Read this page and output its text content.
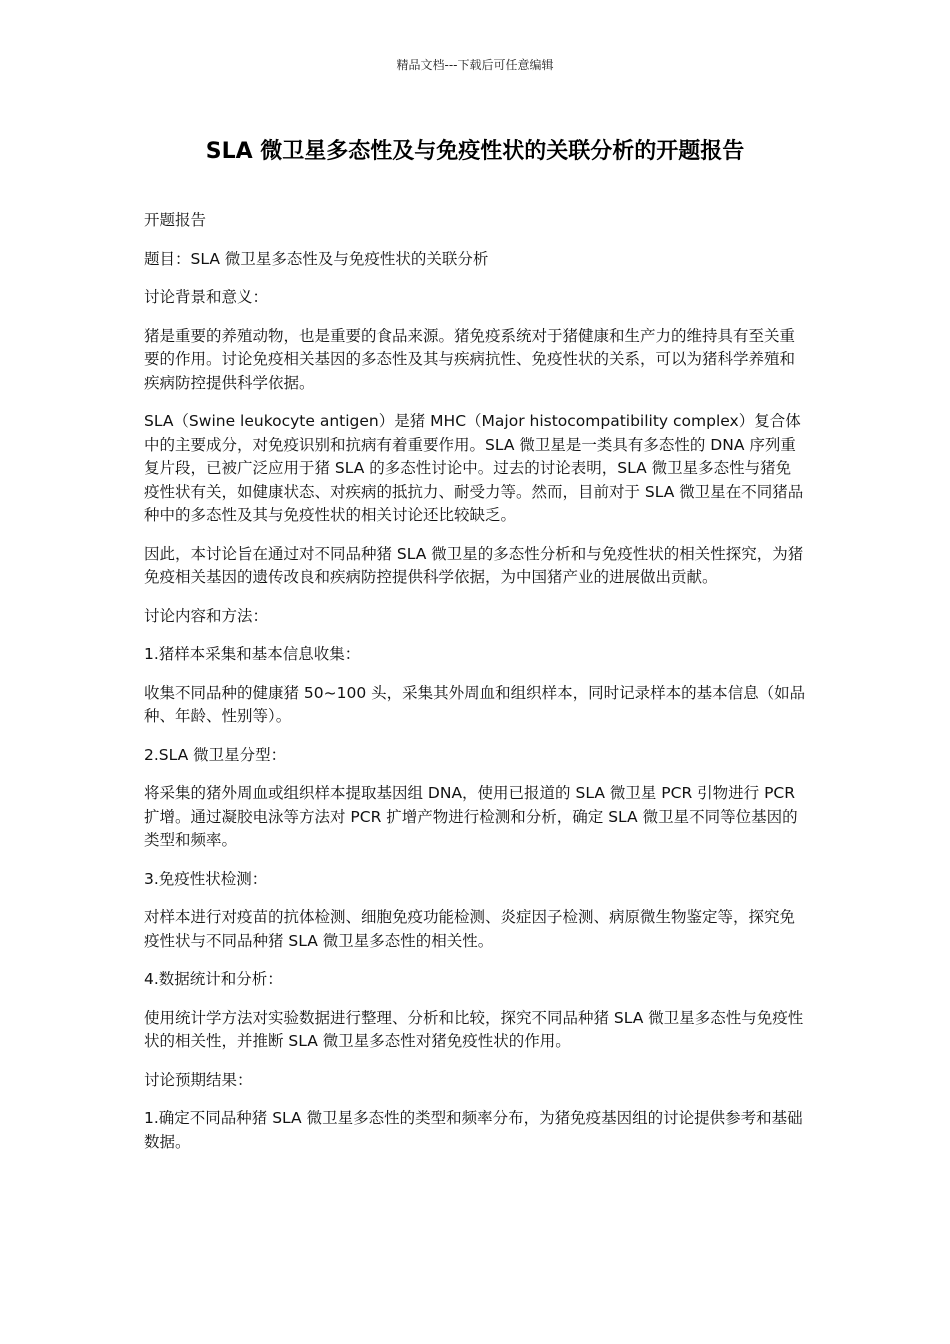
精品文档---下载后可任意编辑
SLA 微卫星多态性及与免疫性状的关联分析的开题报告

开题报告

题目：SLA 微卫星多态性及与免疫性状的关联分析

讨论背景和意义：

猪是重要的养殖动物，也是重要的食品来源。猪免疫系统对于猪健康和生产力的维持具有至关重要的作用。讨论免疫相关基因的多态性及其与疾病抗性、免疫性状的关系，可以为猪科学养殖和疾病防控提供科学依据。

SLA（Swine leukocyte antigen）是猪 MHC（Major histocompatibility complex）复合体中的主要成分，对免疫识别和抗病有着重要作用。SLA 微卫星是一类具有多态性的 DNA 序列重复片段，已被广泛应用于猪 SLA 的多态性讨论中。过去的讨论表明，SLA 微卫星多态性与猪免疫性状有关，如健康状态、对疾病的抵抗力、耐受力等。然而，目前对于 SLA 微卫星在不同猪品种中的多态性及其与免疫性状的相关讨论还比较缺乏。

因此，本讨论旨在通过对不同品种猪 SLA 微卫星的多态性分析和与免疫性状的相关性探究，为猪免疫相关基因的遗传改良和疾病防控提供科学依据，为中国猪产业的进展做出贡献。

讨论内容和方法：

1.猪样本采集和基本信息收集：

收集不同品种的健康猪 50~100 头，采集其外周血和组织样本，同时记录样本的基本信息（如品种、年龄、性别等）。

2.SLA 微卫星分型：

将采集的猪外周血或组织样本提取基因组 DNA，使用已报道的 SLA 微卫星 PCR 引物进行 PCR 扩增。通过凝胶电泳等方法对 PCR 扩增产物进行检测和分析，确定 SLA 微卫星不同等位基因的类型和频率。

3.免疫性状检测：

对样本进行对疫苗的抗体检测、细胞免疫功能检测、炎症因子检测、病原微生物鉴定等，探究免疫性状与不同品种猪 SLA 微卫星多态性的相关性。

4.数据统计和分析：

使用统计学方法对实验数据进行整理、分析和比较，探究不同品种猪 SLA 微卫星多态性与免疫性状的相关性，并推断 SLA 微卫星多态性对猪免疫性状的作用。

讨论预期结果：

1.确定不同品种猪 SLA 微卫星多态性的类型和频率分布，为猪免疫基因组的讨论提供参考和基础数据。
